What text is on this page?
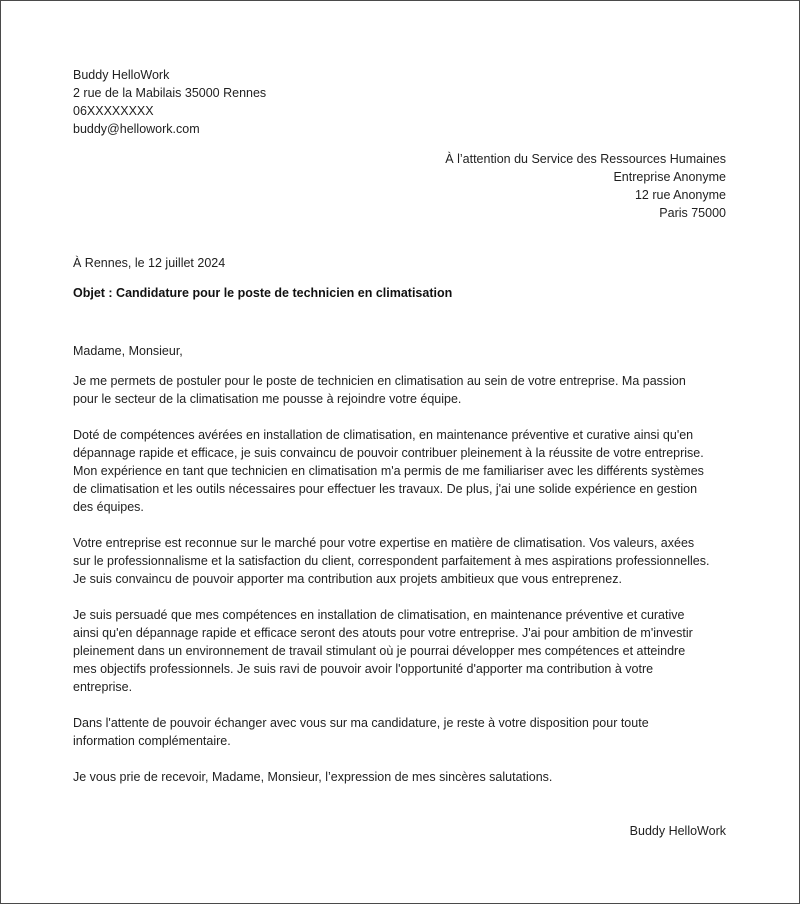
Buddy HelloWork
2 rue de la Mabilais 35000 Rennes
06XXXXXXXX
buddy@hellowork.com
À l’attention du Service des Ressources Humaines
Entreprise Anonyme
12 rue Anonyme
Paris 75000
À Rennes, le 12 juillet 2024
Objet : Candidature pour le poste de technicien en climatisation
Madame, Monsieur,

Je me permets de postuler pour le poste de technicien en climatisation au sein de votre entreprise. Ma passion
pour le secteur de la climatisation me pousse à rejoindre votre équipe.

Doté de compétences avérées en installation de climatisation, en maintenance préventive et curative ainsi qu'en
dépannage rapide et efficace, je suis convaincu de pouvoir contribuer pleinement à la réussite de votre entreprise.
Mon expérience en tant que technicien en climatisation m'a permis de me familiariser avec les différents systèmes
de climatisation et les outils nécessaires pour effectuer les travaux. De plus, j'ai une solide expérience en gestion
des équipes.

Votre entreprise est reconnue sur le marché pour votre expertise en matière de climatisation. Vos valeurs, axées
sur le professionnalisme et la satisfaction du client, correspondent parfaitement à mes aspirations professionnelles.
Je suis convaincu de pouvoir apporter ma contribution aux projets ambitieux que vous entreprenez.

Je suis persuadé que mes compétences en installation de climatisation, en maintenance préventive et curative
ainsi qu'en dépannage rapide et efficace seront des atouts pour votre entreprise. J'ai pour ambition de m'investir
pleinement dans un environnement de travail stimulant où je pourrai développer mes compétences et atteindre
mes objectifs professionnels. Je suis ravi de pouvoir avoir l'opportunité d'apporter ma contribution à votre
entreprise.

Dans l'attente de pouvoir échanger avec vous sur ma candidature, je reste à votre disposition pour toute
information complémentaire.

Je vous prie de recevoir, Madame, Monsieur, l’expression de mes sincères salutations.

Buddy HelloWork
